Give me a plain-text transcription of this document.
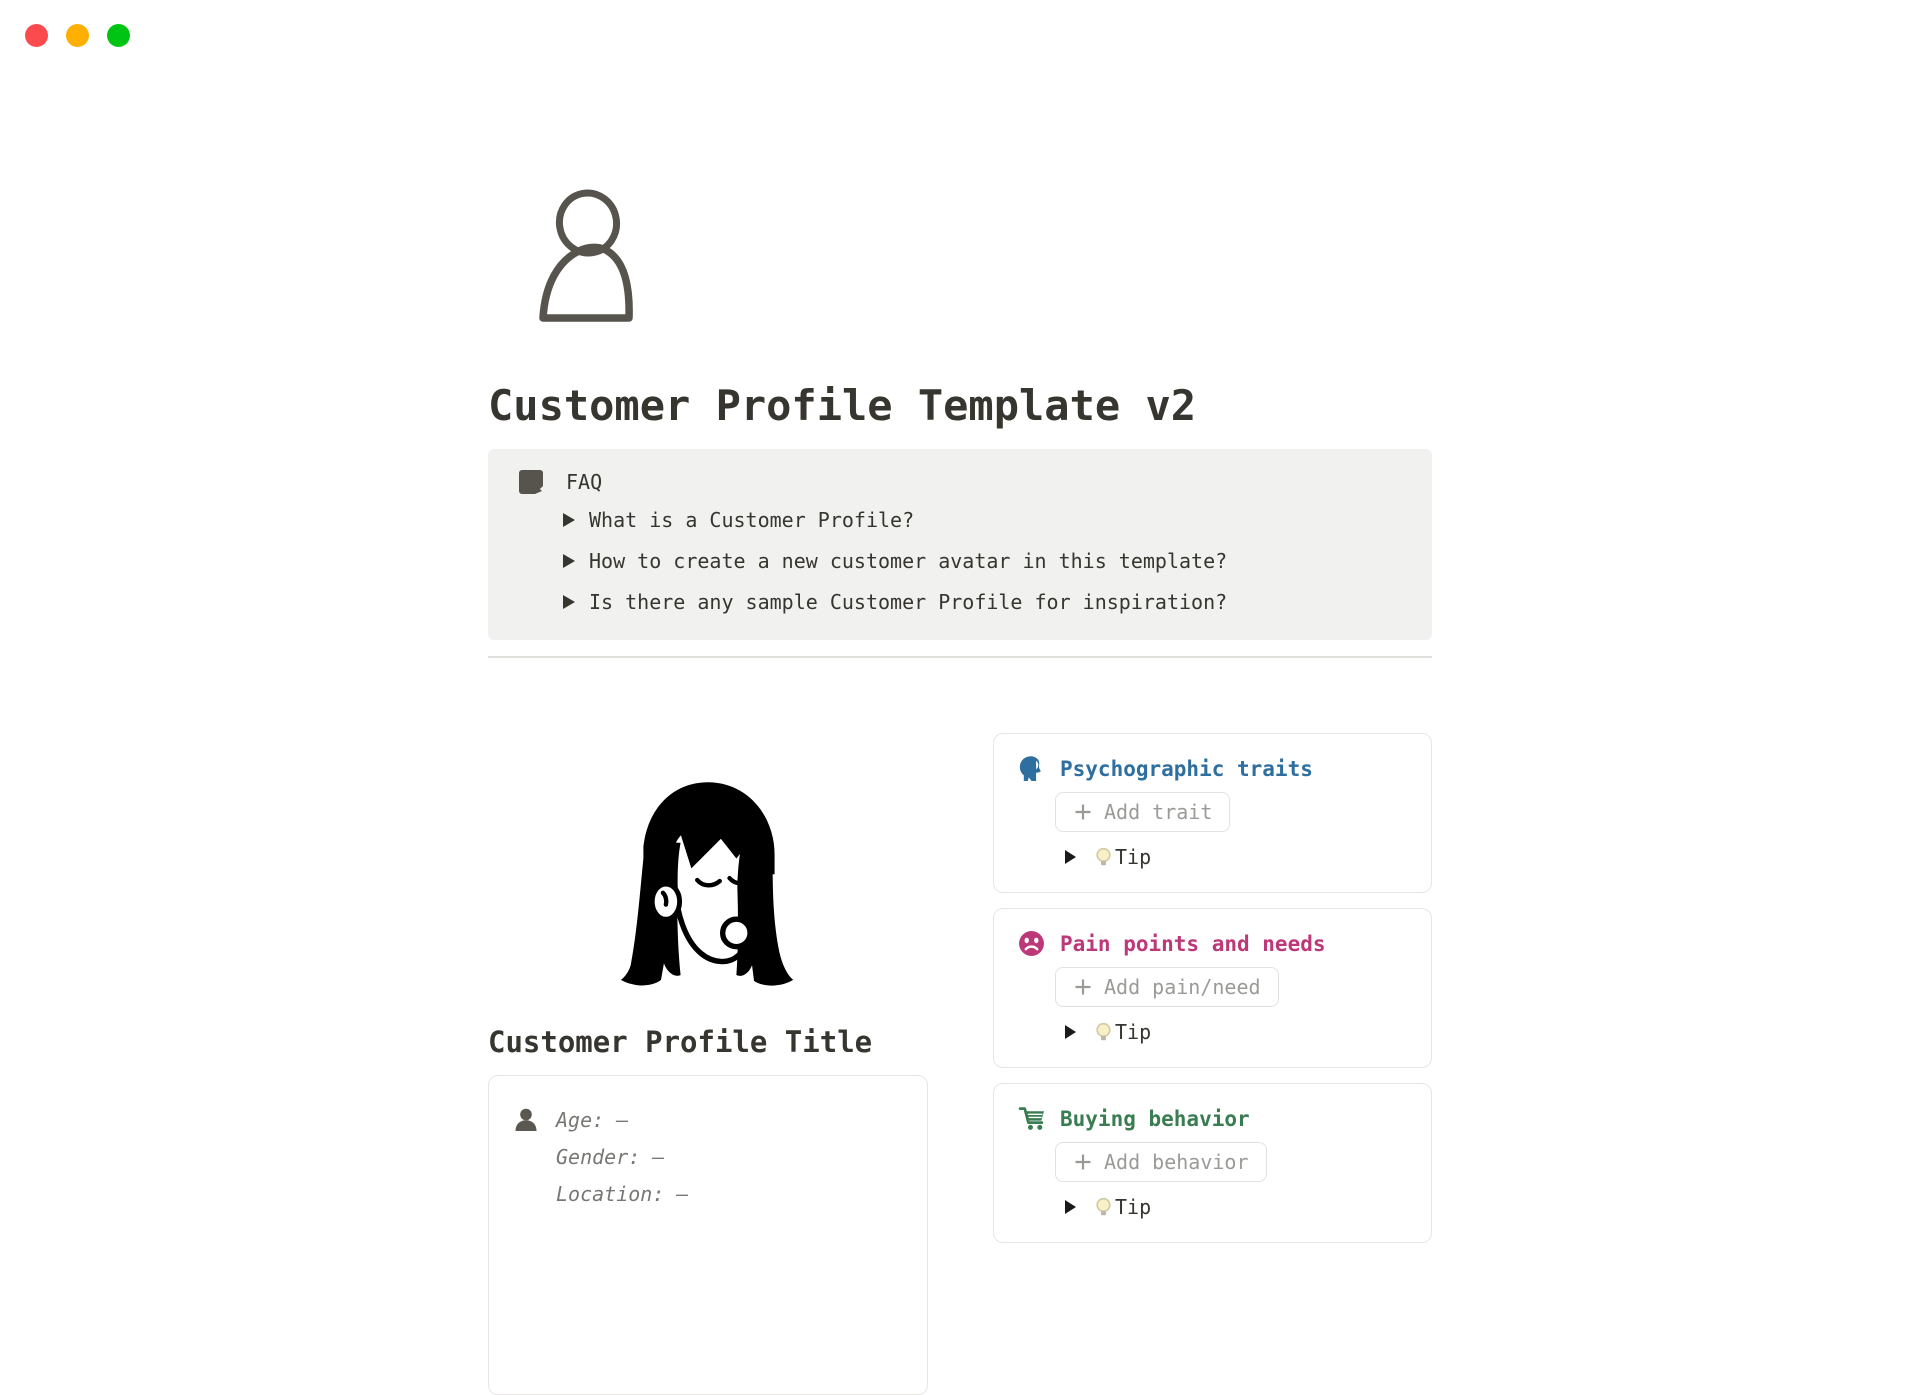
Customer Profile Template v2
FAQ
What is a Customer Profile?
How to create a new customer avatar in this template?
Is there any sample Customer Profile for inspiration?
Customer Profile Title
Age: –
Gender: –
Location: –
Psychographic traits
Add trait
Tip
Pain points and needs
Add pain/need
Tip
Buying behavior
Add behavior
Tip
